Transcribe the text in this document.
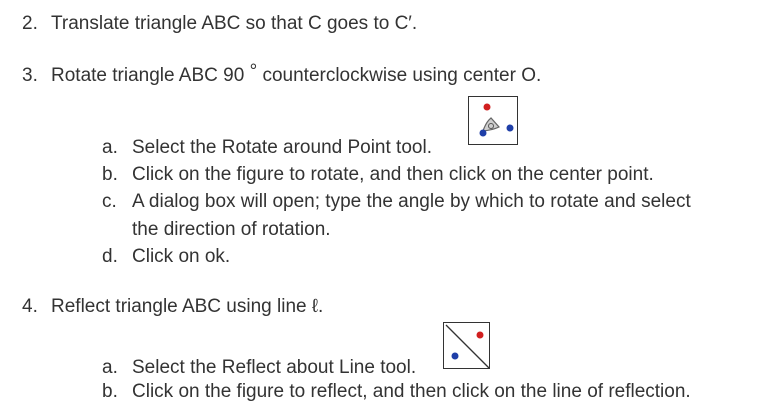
2. Translate triangle ABC so that C goes to C′.
3. Rotate triangle ABC 90 ° counterclockwise using center O.
a. Select the Rotate around Point tool.
b. Click on the figure to rotate, and then click on the center point.
c. A dialog box will open; type the angle by which to rotate and select
the direction of rotation.
d. Click on ok.
4. Reflect triangle ABC using line ℓ.
a. Select the Reflect about Line tool.
b. Click on the figure to reflect, and then click on the line of reflection.
